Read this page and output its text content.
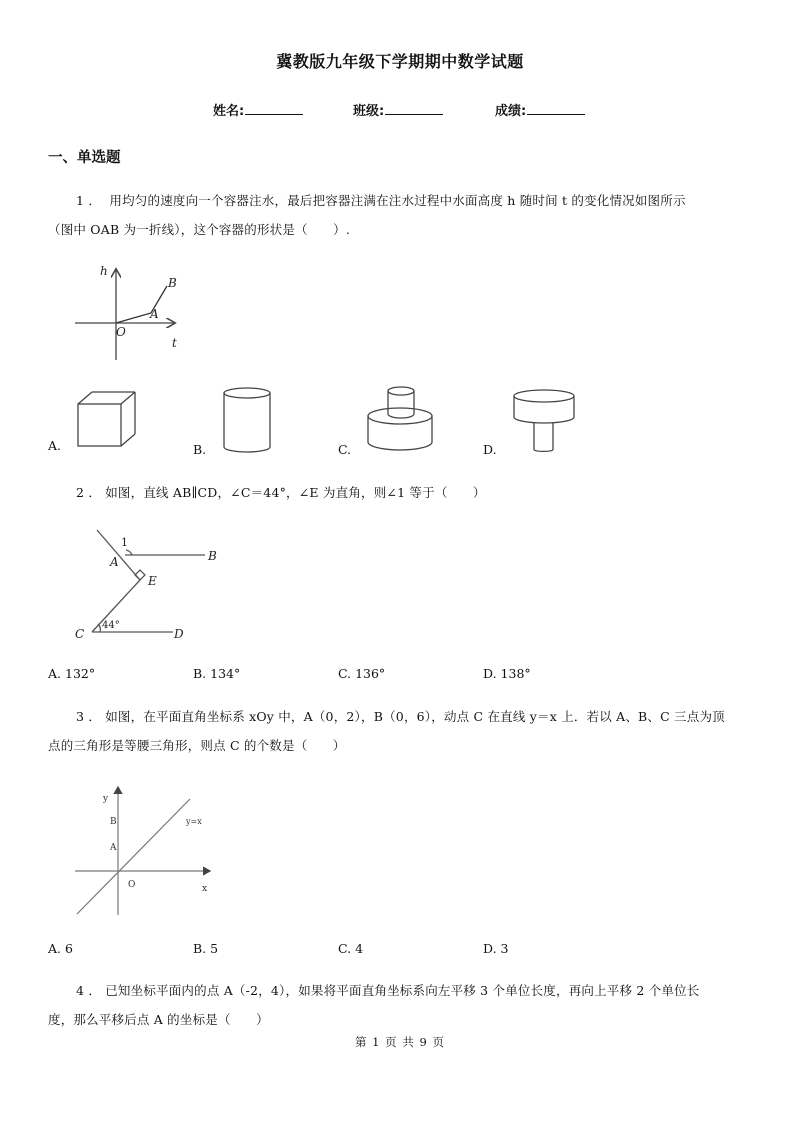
冀教版九年级下学期期中数学试题
姓名:	班级:	成绩:
一、单选题
1 ． 用均匀的速度向一个容器注水，最后把容器注满在注水过程中水面高度 h 随时间 t 的变化情况如图所示
（图中 OAB 为一折线），这个容器的形状是（　　）.
h
B
A
O
t
A.	B.	C.	D.
2 ． 如图，直线 AB∥CD，∠C＝44°，∠E 为直角，则∠1 等于（　　）
1
A	B
E
C	D
44°
A. 132°	B. 134°	C. 136°	D. 138°
3 ． 如图，在平面直角坐标系 xOy 中，A（0，2），B（0，6），动点 C 在直线 y＝x 上．若以 A、B、C 三点为顶
点的三角形是等腰三角形，则点 C 的个数是（　　）
y
B
A
O	x
y=x
A. 6	B. 5	C. 4	D. 3
4 ． 已知坐标平面内的点 A（-2，4），如果将平面直角坐标系向左平移 3 个单位长度，再向上平移 2 个单位长
度，那么平移后点 A 的坐标是（　　）
第 1 页 共 9 页
